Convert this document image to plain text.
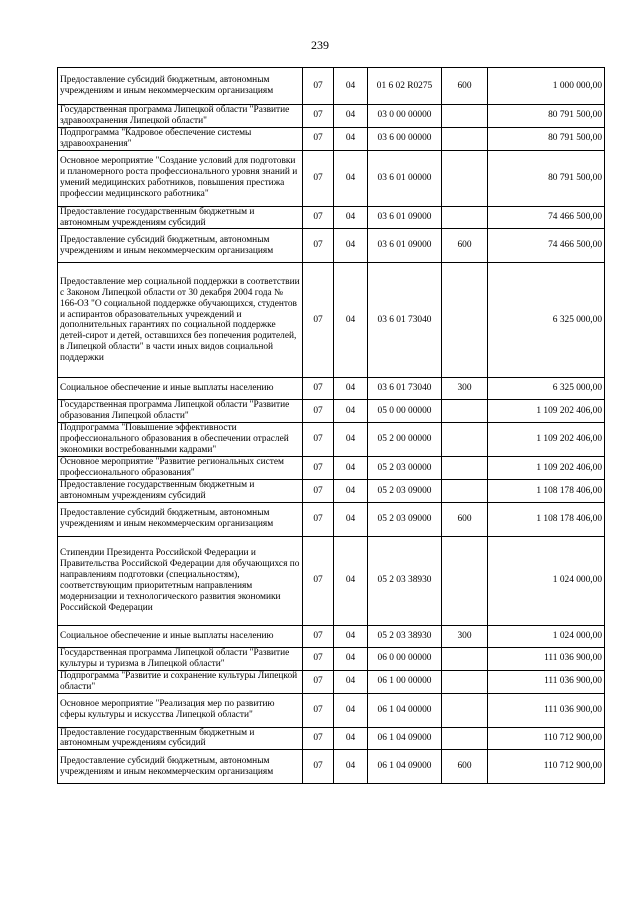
239
Предоставление субсидий бюджетным, автономным учреждениям и иным некоммерческим организациям	07	04	01 6 02 R0275	600	1 000 000,00
Государственная программа Липецкой области "Развитие здравоохранения Липецкой области"	07	04	03 0 00 00000		80 791 500,00
Подпрограмма "Кадровое обеспечение системы здравоохранения"	07	04	03 6 00 00000		80 791 500,00
Основное мероприятие "Создание условий для подготовки и планомерного роста профессионального уровня знаний и умений медицинских работников, повышения престижа профессии медицинского работника"	07	04	03 6 01 00000		80 791 500,00
Предоставление государственным бюджетным и автономным учреждениям субсидий	07	04	03 6 01 09000		74 466 500,00
Предоставление субсидий бюджетным, автономным учреждениям и иным некоммерческим организациям	07	04	03 6 01 09000	600	74 466 500,00
Предоставление мер социальной поддержки в соответствии с Законом Липецкой области от 30 декабря 2004 года № 166-ОЗ "О социальной поддержке обучающихся, студентов и аспирантов образовательных учреждений и дополнительных гарантиях по социальной поддержке детей-сирот и детей, оставшихся без попечения родителей, в Липецкой области" в части иных видов социальной поддержки	07	04	03 6 01 73040		6 325 000,00
Социальное обеспечение и иные выплаты населению	07	04	03 6 01 73040	300	6 325 000,00
Государственная программа Липецкой области "Развитие образования Липецкой области"	07	04	05 0 00 00000		1 109 202 406,00
Подпрограмма "Повышение эффективности профессионального образования в обеспечении отраслей экономики востребованными кадрами"	07	04	05 2 00 00000		1 109 202 406,00
Основное мероприятие "Развитие региональных систем профессионального образования"	07	04	05 2 03 00000		1 109 202 406,00
Предоставление государственным бюджетным и автономным учреждениям субсидий	07	04	05 2 03 09000		1 108 178 406,00
Предоставление субсидий бюджетным, автономным учреждениям и иным некоммерческим организациям	07	04	05 2 03 09000	600	1 108 178 406,00
Стипендии Президента Российской Федерации и Правительства Российской Федерации для обучающихся по направлениям подготовки (специальностям), соответствующим приоритетным направлениям модернизации и технологического развития экономики Российской Федерации	07	04	05 2 03 38930		1 024 000,00
Социальное обеспечение и иные выплаты населению	07	04	05 2 03 38930	300	1 024 000,00
Государственная программа Липецкой области "Развитие культуры и туризма в Липецкой области"	07	04	06 0 00 00000		111 036 900,00
Подпрограмма "Развитие и сохранение культуры Липецкой области"	07	04	06 1 00 00000		111 036 900,00
Основное мероприятие "Реализация мер по развитию сферы культуры и искусства Липецкой области"	07	04	06 1 04 00000		111 036 900,00
Предоставление государственным бюджетным и автономным учреждениям субсидий	07	04	06 1 04 09000		110 712 900,00
Предоставление субсидий бюджетным, автономным учреждениям и иным некоммерческим организациям	07	04	06 1 04 09000	600	110 712 900,00
